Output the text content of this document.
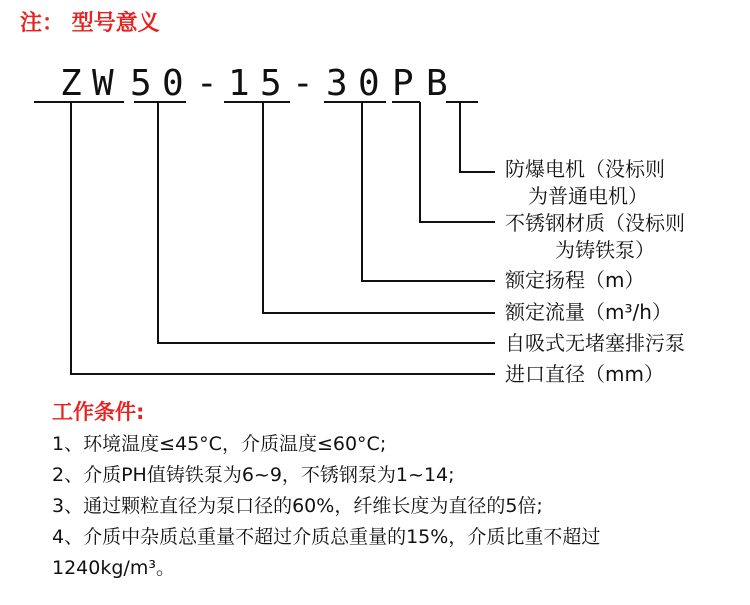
注： 型号意义
Z W 5 0 - 1 5 - 3 0 P B
防爆电机（没标则
为普通电机）
不锈钢材质（没标则
为铸铁泵）
额定扬程（m）
额定流量（m³/h）
自吸式无堵塞排污泵
进口直径（mm）
工作条件:
1、环境温度≤45°C，介质温度≤60°C;
2、介质PH值铸铁泵为6~9，不锈钢泵为1~14;
3、通过颗粒直径为泵口径的60%，纤维长度为直径的5倍;
4、介质中杂质总重量不超过介质总重量的15%，介质比重不超过
1240kg/m³。
